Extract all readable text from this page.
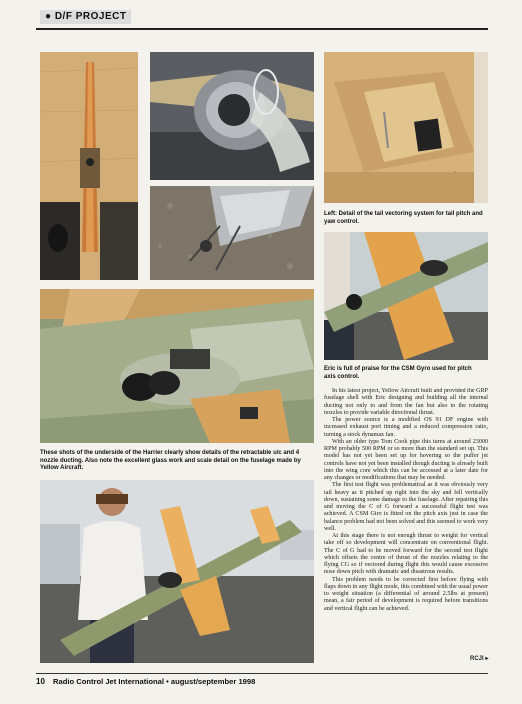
● D/F PROJECT
Left: Detail of the tail vectoring system for tail pitch and yaw control.
Eric is full of praise for the CSM Gyro used for pitch axis control.
These shots of the underside of the Harrier clearly show details of the retractable u/c and 4 nozzle ducting. Also note the excellent glass work and scale detail on the fuselage made by Yellow Aircraft.

In his latest project, Yellow Aircraft built and provided the GRP fuselage shell with Eric designing and building all the internal ducting not only to and from the fan but also to the rotating nozzles to provide variable directional thrust.

The power source is a modified OS 91 DF engine with increased exhaust port timing and a reduced compression ratio, turning a stock dynamax fan.

With an older type Tom Cook pipe this turns at around 23000 RPM probably 500 RPM or so more than the standard set up. This model has not yet been set up for hovering so the puffer jet controls have not yet been installed though ducting is already built into the wing core which this can be accessed at a later date for any changes or modifications that may be needed.

The first test flight was problematical as it was obviously very tail heavy as it pitched up right into the sky and fell vertically down, sustaining some damage to the fuselage. After repairing this and moving the C of G forward a successful flight test was achieved. A CSM Giro is fitted on the pitch axis just in case the balance problem had not been solved and this seemed to work very well.

At this stage there is not enough thrust to weight for vertical take off so development will concentrate on conventional flight. The C of G had to be moved forward for the second test flight which offsets the centre of thrust of the nozzles relating to the flying CG so if vectored during flight this would cause excessive nose down pitch with dramatic and disastrous results.

This problem needs to be corrected first before flying with flaps down in any flight mode, this combined with the usual power to weight situation (a differential of around 2.5lbs at present) mean, a fair period of development is required before transitions and vertical flight can be achieved.

RCJI ▸
10 Radio Control Jet International • august/september 1998
